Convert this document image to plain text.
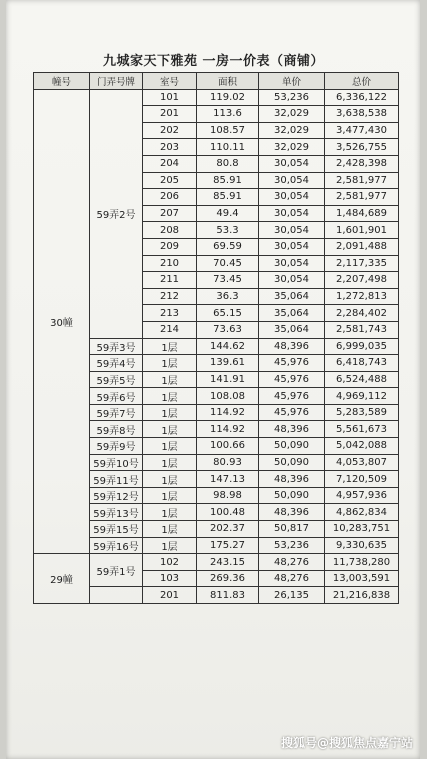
九城家天下雅苑 一房一价表（商铺）
幢号	门弄号牌	室号	面积	单价	总价
30幢	59弄2号	101	119.02	53,236	6,336,122
		201	113.6	32,029	3,638,538
		202	108.57	32,029	3,477,430
		203	110.11	32,029	3,526,755
		204	80.8	30,054	2,428,398
		205	85.91	30,054	2,581,977
		206	85.91	30,054	2,581,977
		207	49.4	30,054	1,484,689
		208	53.3	30,054	1,601,901
		209	69.59	30,054	2,091,488
		210	70.45	30,054	2,117,335
		211	73.45	30,054	2,207,498
		212	36.3	35,064	1,272,813
		213	65.15	35,064	2,284,402
		214	73.63	35,064	2,581,743
	59弄3号	1层	144.62	48,396	6,999,035
	59弄4号	1层	139.61	45,976	6,418,743
	59弄5号	1层	141.91	45,976	6,524,488
	59弄6号	1层	108.08	45,976	4,969,112
	59弄7号	1层	114.92	45,976	5,283,589
	59弄8号	1层	114.92	48,396	5,561,673
	59弄9号	1层	100.66	50,090	5,042,088
	59弄10号	1层	80.93	50,090	4,053,807
	59弄11号	1层	147.13	48,396	7,120,509
	59弄12号	1层	98.98	50,090	4,957,936
	59弄13号	1层	100.48	48,396	4,862,834
	59弄15号	1层	202.37	50,817	10,283,751
	59弄16号	1层	175.27	53,236	9,330,635
29幢	59弄1号	102	243.15	48,276	11,738,280
		103	269.36	48,276	13,003,591
		201	811.83	26,135	21,216,838
搜狐号@搜狐焦点嘉宁站
